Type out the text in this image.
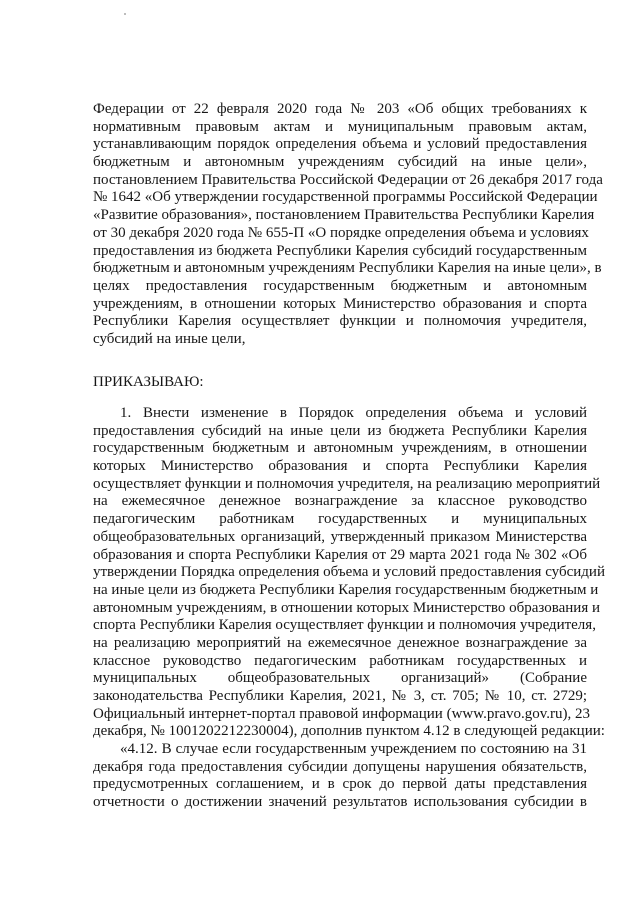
Федерации от 22 февраля 2020 года № 203 «Об общих требованиях к
нормативным правовым актам и муниципальным правовым актам,
устанавливающим порядок определения объема и условий предоставления
бюджетным и автономным учреждениям субсидий на иные цели»,
постановлением Правительства Российской Федерации от 26 декабря 2017 года
№ 1642 «Об утверждении государственной программы Российской Федерации
«Развитие образования», постановлением Правительства Республики Карелия
от 30 декабря 2020 года № 655-П «О порядке определения объема и условиях
предоставления из бюджета Республики Карелия субсидий государственным
бюджетным и автономным учреждениям Республики Карелия на иные цели», в
целях предоставления государственным бюджетным и автономным
учреждениям, в отношении которых Министерство образования и спорта
Республики Карелия осуществляет функции и полномочия учредителя,
субсидий на иные цели,
ПРИКАЗЫВАЮ:
1. Внести изменение в Порядок определения объема и условий
предоставления субсидий на иные цели из бюджета Республики Карелия
государственным бюджетным и автономным учреждениям, в отношении
которых Министерство образования и спорта Республики Карелия
осуществляет функции и полномочия учредителя, на реализацию мероприятий
на ежемесячное денежное вознаграждение за классное руководство
педагогическим работникам государственных и муниципальных
общеобразовательных организаций, утвержденный приказом Министерства
образования и спорта Республики Карелия от 29 марта 2021 года № 302 «Об
утверждении Порядка определения объема и условий предоставления субсидий
на иные цели из бюджета Республики Карелия государственным бюджетным и
автономным учреждениям, в отношении которых Министерство образования и
спорта Республики Карелия осуществляет функции и полномочия учредителя,
на реализацию мероприятий на ежемесячное денежное вознаграждение за
классное руководство педагогическим работникам государственных и
муниципальных общеобразовательных организаций» (Собрание
законодательства Республики Карелия, 2021, № 3, ст. 705; № 10, ст. 2729;
Официальный интернет-портал правовой информации (www.pravo.gov.ru), 23
декабря, № 1001202212230004), дополнив пунктом 4.12 в следующей редакции:
«4.12. В случае если государственным учреждением по состоянию на 31
декабря года предоставления субсидии допущены нарушения обязательств,
предусмотренных соглашением, и в срок до первой даты представления
отчетности о достижении значений результатов использования субсидии в
